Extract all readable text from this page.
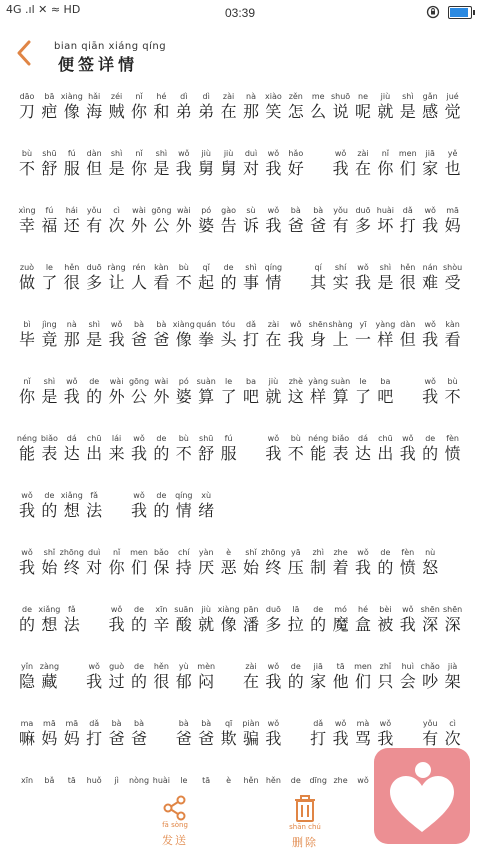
4G .ıl ✕ ≈ HD	03:39
bian qiān xiáng qíng
便签详情
dāo
刀
bā
疤
xiàng
像
hǎi
海
zéi
贼
nǐ
你
hé
和
dì
弟
dì
弟
zài
在
nà
那
xiào
笑
zěn
怎
me
么
shuō
说
ne
呢
jiù
就
shì
是
gǎn
感
jué
觉
bù
不
shū
舒
fú
服
dàn
但
shì
是
nǐ
你
shì
是
wǒ
我
jiù
舅
jiù
舅
duì
对
wǒ
我
hǎo
好
wǒ
我
zài
在
nǐ
你
men
们
jiā
家
yě
也
xìng
幸
fú
福
hái
还
yǒu
有
cì
次
wài
外
gōng
公
wài
外
pó
婆
gào
告
sù
诉
wǒ
我
bà
爸
bà
爸
yǒu
有
duō
多
huài
坏
dǎ
打
wǒ
我
mā
妈
zuò
做
le
了
hěn
很
duō
多
ràng
让
rén
人
kàn
看
bù
不
qǐ
起
de
的
shì
事
qíng
情
qí
其
shí
实
wǒ
我
shì
是
hěn
很
nán
难
shòu
受
bì
毕
jìng
竟
nà
那
shì
是
wǒ
我
bà
爸
bà
爸
xiàng
像
quán
拳
tóu
头
dǎ
打
zài
在
wǒ
我
shēn
身
shàng
上
yī
一
yàng
样
dàn
但
wǒ
我
kàn
看
nǐ
你
shì
是
wǒ
我
de
的
wài
外
gōng
公
wài
外
pó
婆
suàn
算
le
了
ba
吧
jiù
就
zhè
这
yàng
样
suàn
算
le
了
ba
吧
wǒ
我
bù
不
néng
能
biǎo
表
dá
达
chū
出
lái
来
wǒ
我
de
的
bù
不
shū
舒
fú
服
wǒ
我
bù
不
néng
能
biǎo
表
dá
达
chū
出
wǒ
我
de
的
fèn
愤
wǒ
我
de
的
xiǎng
想
fǎ
法
wǒ
我
de
的
qíng
情
xù
绪
wǒ
我
shǐ
始
zhōng
终
duì
对
nǐ
你
men
们
bǎo
保
chí
持
yàn
厌
è
恶
shǐ
始
zhōng
终
yā
压
zhì
制
zhe
着
wǒ
我
de
的
fèn
愤
nù
怒
de
的
xiǎng
想
fǎ
法
wǒ
我
de
的
xīn
辛
suān
酸
jiù
就
xiàng
像
pān
潘
duō
多
lā
拉
de
的
mó
魔
hé
盒
bèi
被
wǒ
我
shēn
深
shēn
深
yǐn
隐
zàng
藏
wǒ
我
guò
过
de
的
hěn
很
yù
郁
mèn
闷
zài
在
wǒ
我
de
的
jiā
家
tā
他
men
们
zhǐ
只
huì
会
chǎo
吵
jià
架
ma
嘛
mā
妈
mā
妈
dǎ
打
bà
爸
bà
爸
bà
爸
bà
爸
qī
欺
piàn
骗
wǒ
我
dǎ
打
wǒ
我
mà
骂
wǒ
我
yǒu
有
cì
次
xīn	bǎ	tā	huǒ	jì	nòng huài	le	tā	è	hěn hěn	de	dīng zhe	wǒ
fā sòng
发送
shān chú
删除
